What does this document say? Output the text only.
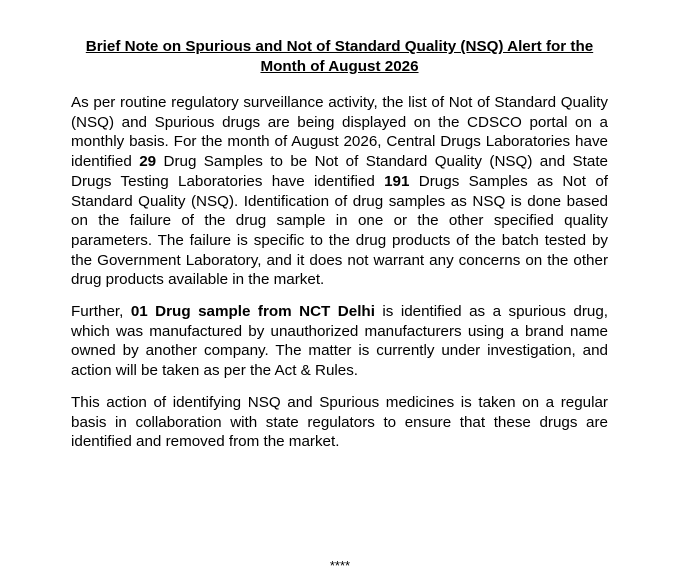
Brief Note on Spurious and Not of Standard Quality (NSQ) Alert for the Month of August 2026

As per routine regulatory surveillance activity, the list of Not of Standard Quality (NSQ) and Spurious drugs are being displayed on the CDSCO portal on a monthly basis. For the month of August 2026, Central Drugs Laboratories have identified 29 Drug Samples to be Not of Standard Quality (NSQ) and State Drugs Testing Laboratories have identified 191 Drugs Samples as Not of Standard Quality (NSQ). Identification of drug samples as NSQ is done based on the failure of the drug sample in one or the other specified quality parameters. The failure is specific to the drug products of the batch tested by the Government Laboratory, and it does not warrant any concerns on the other drug products available in the market.

Further, 01 Drug sample from NCT Delhi is identified as a spurious drug, which was manufactured by unauthorized manufacturers using a brand name owned by another company. The matter is currently under investigation, and action will be taken as per the Act & Rules.

This action of identifying NSQ and Spurious medicines is taken on a regular basis in collaboration with state regulators to ensure that these drugs are identified and removed from the market.

****
